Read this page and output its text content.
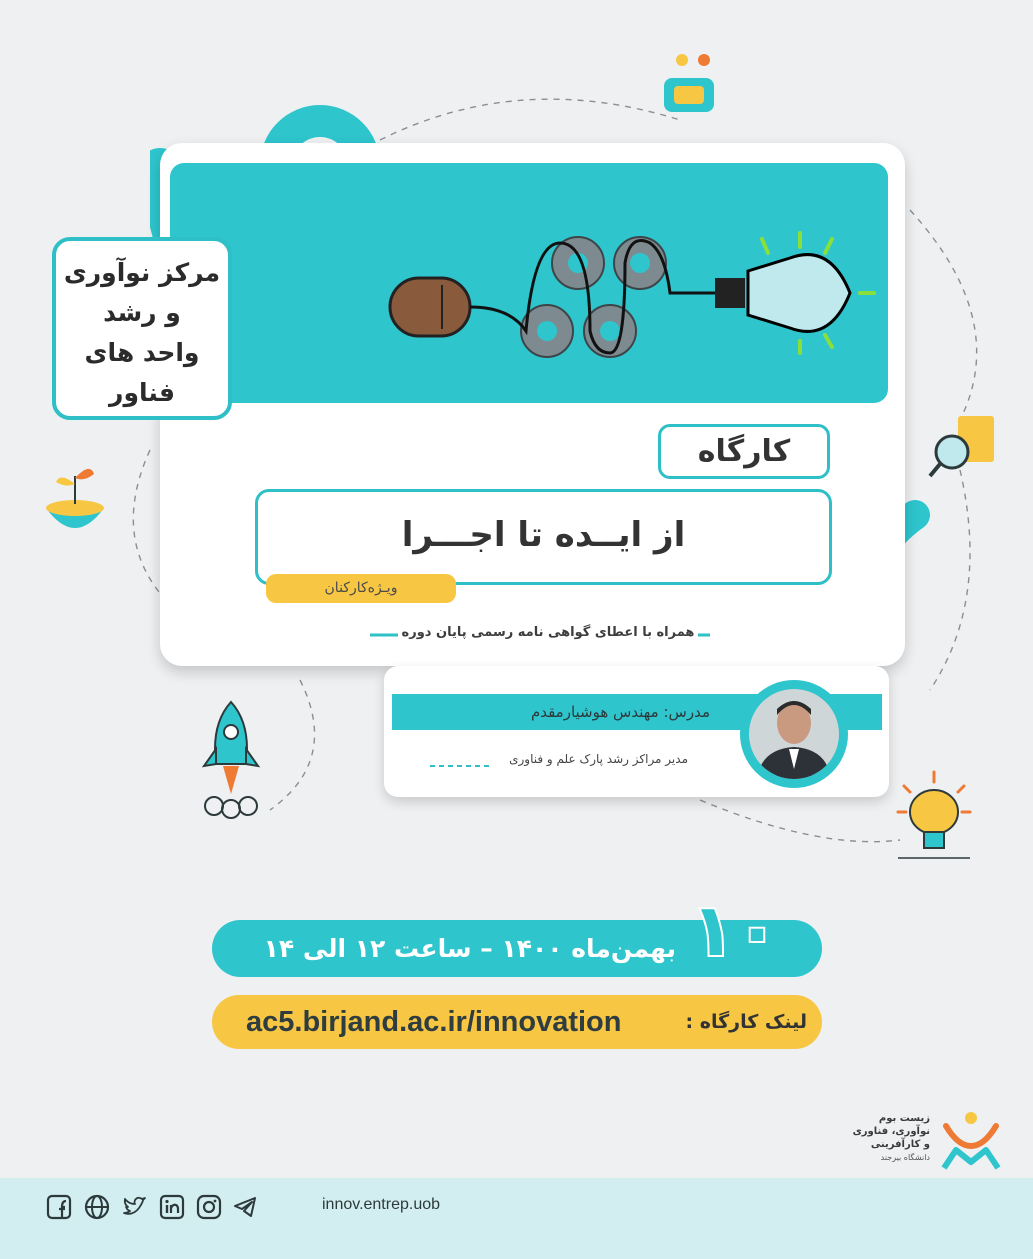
کارگاه
از ایــده تا اجـــرا
ویـژه‌کارکنان
همراه با اعطای گواهی نامه رسمی پایان دوره
مرکز نوآوری
و رشد
واحد های
فناور
مدرس: مهندس هوشیارمقدم
مدیر مراکز رشد پارک علم و فناوری
بهمن‌ماه ۱۴۰۰ – ساعت ۱۲ الی ۱۴ ۱۰
لینک کارگاه :
ac5.birjand.ac.ir/innovation
زیست بوم
نوآوری، فناوری
و کارآفرینی
دانشگاه بیرجند
innov.entrep.uob
